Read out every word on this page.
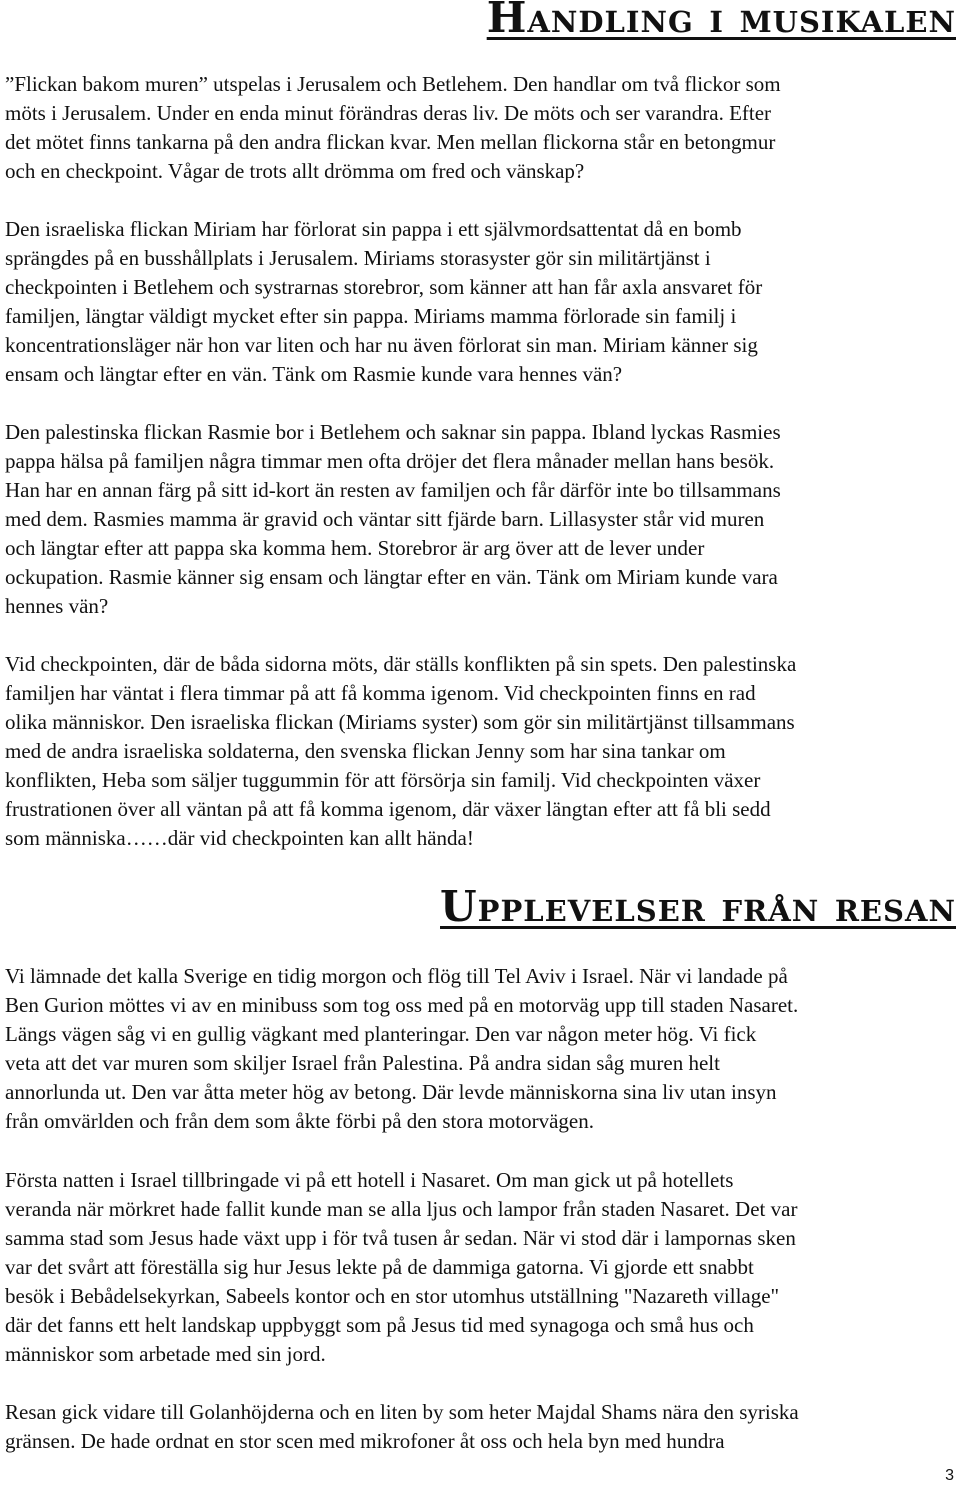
Handling i musikalen

”Flickan bakom muren” utspelas i Jerusalem och Betlehem. Den handlar om två flickor som
möts i Jerusalem. Under en enda minut förändras deras liv. De möts och ser varandra. Efter
det mötet finns tankarna på den andra flickan kvar. Men mellan flickorna står en betongmur
och en checkpoint. Vågar de trots allt drömma om fred och vänskap?

Den israeliska flickan Miriam har förlorat sin pappa i ett självmordsattentat då en bomb
sprängdes på en busshållplats i Jerusalem. Miriams storasyster gör sin militärtjänst i
checkpointen i Betlehem och systrarnas storebror, som känner att han får axla ansvaret för
familjen, längtar väldigt mycket efter sin pappa. Miriams mamma förlorade sin familj i
koncentrationsläger när hon var liten och har nu även förlorat sin man. Miriam känner sig
ensam och längtar efter en vän. Tänk om Rasmie kunde vara hennes vän?

Den palestinska flickan Rasmie bor i Betlehem och saknar sin pappa. Ibland lyckas Rasmies
pappa hälsa på familjen några timmar men ofta dröjer det flera månader mellan hans besök.
Han har en annan färg på sitt id-kort än resten av familjen och får därför inte bo tillsammans
med dem. Rasmies mamma är gravid och väntar sitt fjärde barn. Lillasyster står vid muren
och längtar efter att pappa ska komma hem. Storebror är arg över att de lever under
ockupation. Rasmie känner sig ensam och längtar efter en vän. Tänk om Miriam kunde vara
hennes vän?

Vid checkpointen, där de båda sidorna möts, där ställs konflikten på sin spets. Den palestinska
familjen har väntat i flera timmar på att få komma igenom. Vid checkpointen finns en rad
olika människor. Den israeliska flickan (Miriams syster) som gör sin militärtjänst tillsammans
med de andra israeliska soldaterna, den svenska flickan Jenny som har sina tankar om
konflikten, Heba som säljer tuggummin för att försörja sin familj. Vid checkpointen växer
frustrationen över all väntan på att få komma igenom, där växer längtan efter att få bli sedd
som människa……där vid checkpointen kan allt hända!

Upplevelser från resan

Vi lämnade det kalla Sverige en tidig morgon och flög till Tel Aviv i Israel. När vi landade på
Ben Gurion möttes vi av en minibuss som tog oss med på en motorväg upp till staden Nasaret.
Längs vägen såg vi en gullig vägkant med planteringar. Den var någon meter hög. Vi fick
veta att det var muren som skiljer Israel från Palestina. På andra sidan såg muren helt
annorlunda ut. Den var åtta meter hög av betong. Där levde människorna sina liv utan insyn
från omvärlden och från dem som åkte förbi på den stora motorvägen.

Första natten i Israel tillbringade vi på ett hotell i Nasaret. Om man gick ut på hotellets
veranda när mörkret hade fallit kunde man se alla ljus och lampor från staden Nasaret. Det var
samma stad som Jesus hade växt upp i för två tusen år sedan. När vi stod där i lampornas sken
var det svårt att föreställa sig hur Jesus lekte på de dammiga gatorna. Vi gjorde ett snabbt
besök i Bebådelsekyrkan, Sabeels kontor och en stor utomhus utställning "Nazareth village"
där det fanns ett helt landskap uppbyggt som på Jesus tid med synagoga och små hus och
människor som arbetade med sin jord.

Resan gick vidare till Golanhöjderna och en liten by som heter Majdal Shams nära den syriska
gränsen. De hade ordnat en stor scen med mikrofoner åt oss och hela byn med hundra

3
